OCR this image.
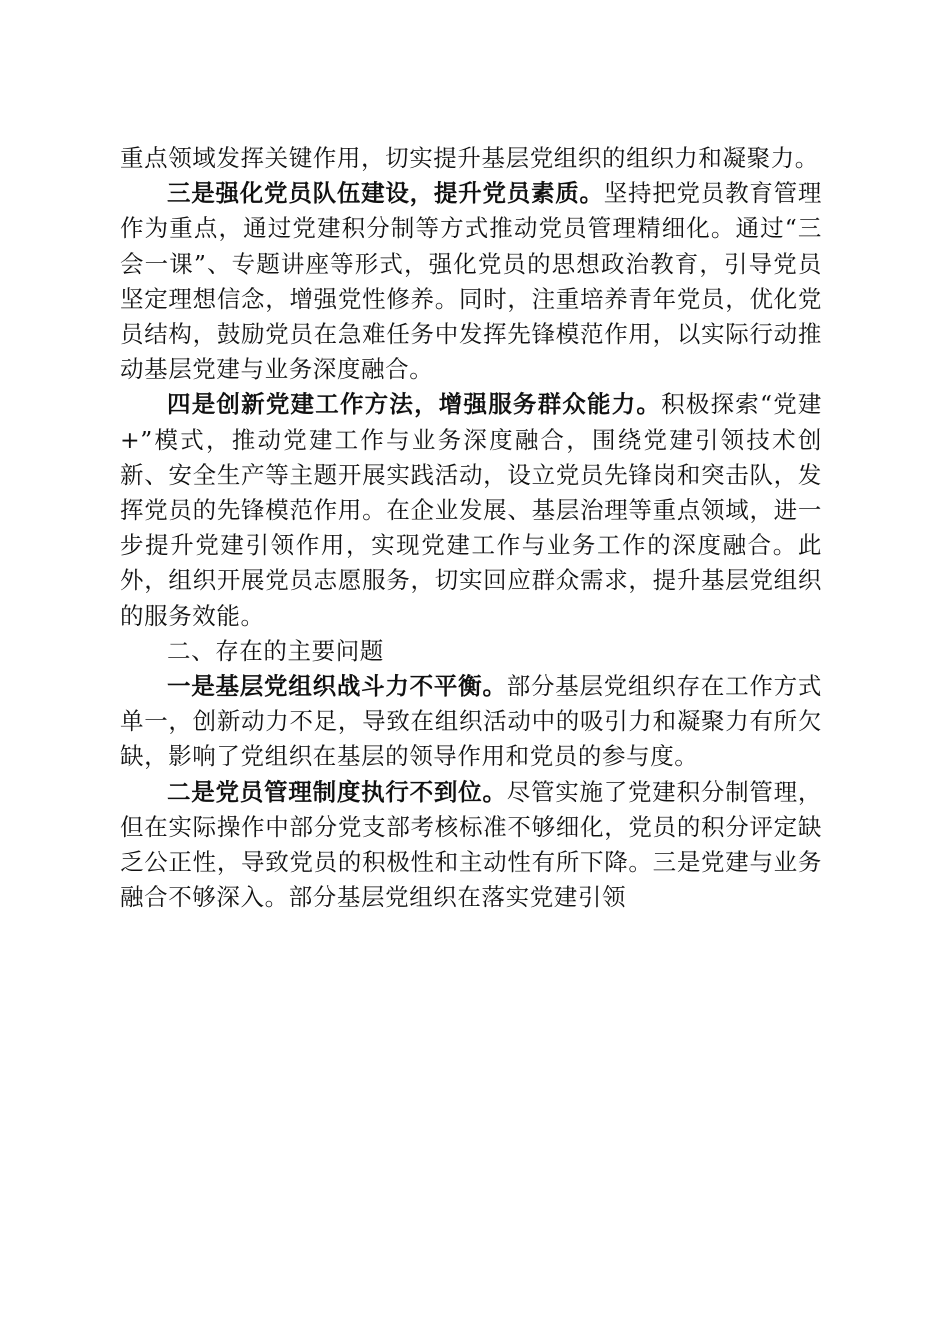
重点领域发挥关键作用，切实提升基层党组织的组织力和凝聚力。

三是强化党员队伍建设，提升党员素质。坚持把党员教育管理作为重点，通过党建积分制等方式推动党员管理精细化。通过“三会一课”、专题讲座等形式，强化党员的思想政治教育，引导党员坚定理想信念，增强党性修养。同时，注重培养青年党员，优化党员结构，鼓励党员在急难任务中发挥先锋模范作用，以实际行动推动基层党建与业务深度融合。

四是创新党建工作方法，增强服务群众能力。积极探索“党建+”模式，推动党建工作与业务深度融合，围绕党建引领技术创新、安全生产等主题开展实践活动，设立党员先锋岗和突击队，发挥党员的先锋模范作用。在企业发展、基层治理等重点领域，进一步提升党建引领作用，实现党建工作与业务工作的深度融合。此外，组织开展党员志愿服务，切实回应群众需求，提升基层党组织的服务效能。

二、存在的主要问题

一是基层党组织战斗力不平衡。部分基层党组织存在工作方式单一，创新动力不足，导致在组织活动中的吸引力和凝聚力有所欠缺，影响了党组织在基层的领导作用和党员的参与度。

二是党员管理制度执行不到位。尽管实施了党建积分制管理，但在实际操作中部分党支部考核标准不够细化，党员的积分评定缺乏公正性，导致党员的积极性和主动性有所下降。三是党建与业务融合不够深入。部分基层党组织在落实党建引领
